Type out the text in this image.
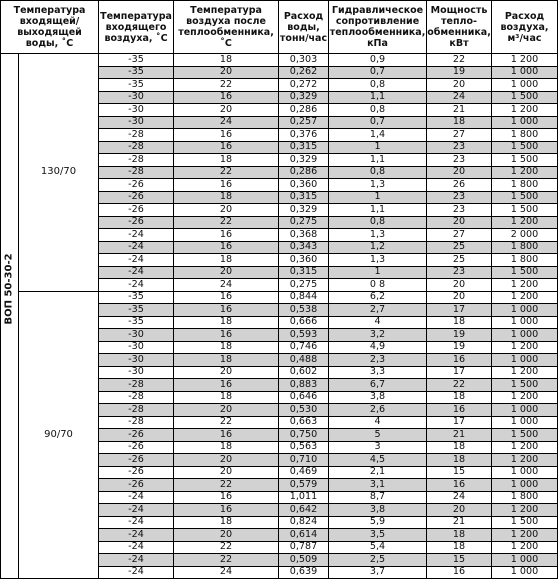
Температура входящей/ выходящей воды, ˚С		Температура входящего воздуха, ˚С	Температура воздуха после теплообменника, ˚С	Расход воды, тонн/час	Гидравлическое сопротивление теплообменника, кПа	Мощность тепло-обменника, кВт	Расход воздуха, м³/час

ВОП 50-30-2	130/70	-35	18	0,303	0,9	22	1 200
		-35	20	0,262	0,7	19	1 000
		-35	22	0,272	0,8	20	1 000
		-30	16	0,329	1,1	24	1 500
		-30	20	0,286	0,8	21	1 200
		-30	24	0,257	0,7	18	1 000
		-28	16	0,376	1,4	27	1 800
		-28	16	0,315	1	23	1 500
		-28	18	0,329	1,1	23	1 500
		-28	22	0,286	0,8	20	1 200
		-26	16	0,360	1,3	26	1 800
		-26	18	0,315	1	23	1 500
		-26	20	0,329	1,1	23	1 500
		-26	22	0,275	0,8	20	1 200
		-24	16	0,368	1,3	27	2 000
		-24	16	0,343	1,2	25	1 800
		-24	18	0,360	1,3	25	1 800
		-24	20	0,315	1	23	1 500
		-24	24	0,275	0 8	20	1 200
	90/70	-35	16	0,844	6,2	20	1 200
		-35	16	0,538	2,7	17	1 000
		-35	18	0,666	4	18	1 000
		-30	16	0,593	3,2	19	1 000
		-30	18	0,746	4,9	19	1 200
		-30	18	0,488	2,3	16	1 000
		-30	20	0,602	3,3	17	1 200
		-28	16	0,883	6,7	22	1 500
		-28	18	0,646	3,8	18	1 200
		-28	20	0,530	2,6	16	1 000
		-28	22	0,663	4	17	1 000
		-26	16	0,750	5	21	1 500
		-26	18	0,563	3	18	1 200
		-26	20	0,710	4,5	18	1 200
		-26	20	0,469	2,1	15	1 000
		-26	22	0,579	3,1	16	1 000
		-24	16	1,011	8,7	24	1 800
		-24	16	0,642	3,8	20	1 200
		-24	18	0,824	5,9	21	1 500
		-24	20	0,614	3,5	18	1 200
		-24	22	0,787	5,4	18	1 200
		-24	22	0,509	2,5	15	1 000
		-24	24	0,639	3,7	16	1 000
